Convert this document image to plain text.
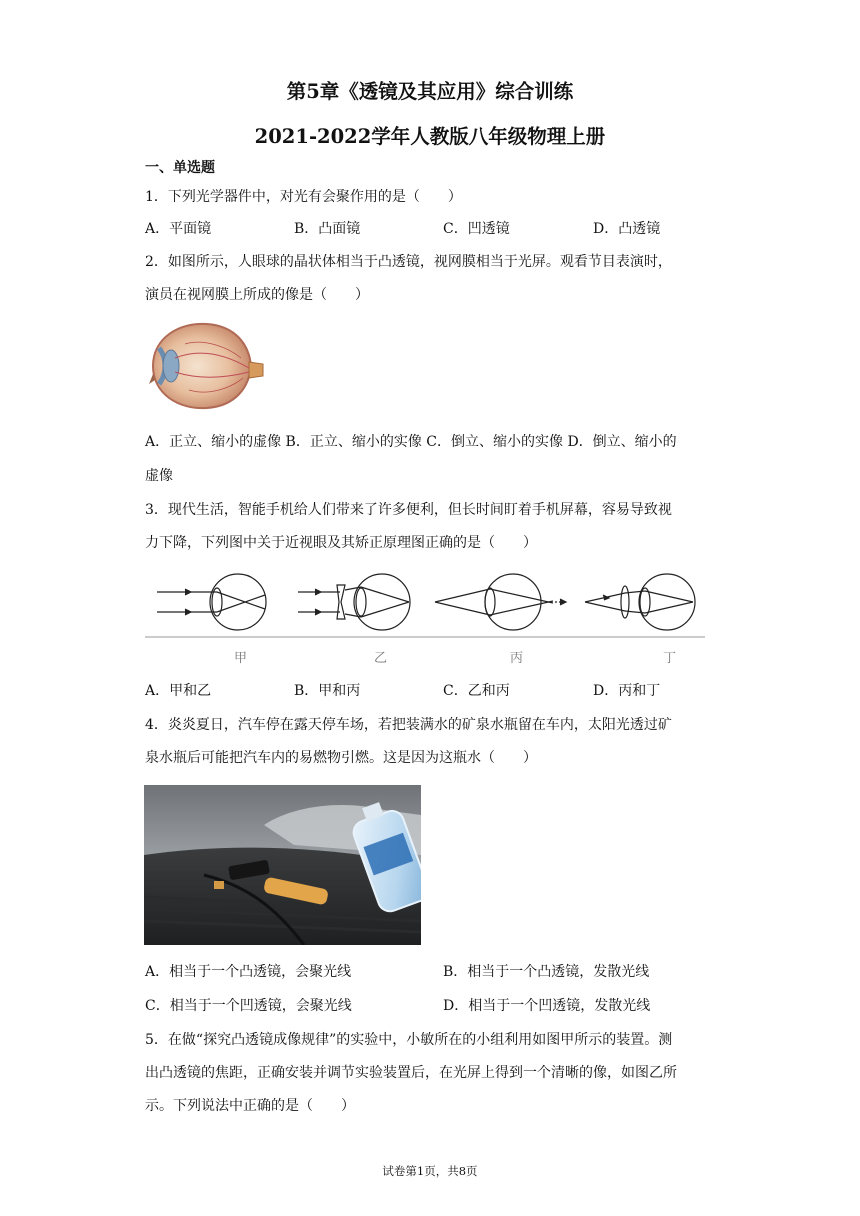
第5章《透镜及其应用》综合训练
2021-2022学年人教版八年级物理上册
一、单选题
1．下列光学器件中，对光有会聚作用的是（　　）
A．平面镜	B．凸面镜	C．凹透镜	D．凸透镜
2．如图所示，人眼球的晶状体相当于凸透镜，视网膜相当于光屏。观看节目表演时，
演员在视网膜上所成的像是（　　）
A．正立、缩小的虚像 B．正立、缩小的实像 C．倒立、缩小的实像 D．倒立、缩小的
虚像
3．现代生活，智能手机给人们带来了许多便利，但长时间盯着手机屏幕，容易导致视
力下降，下列图中关于近视眼及其矫正原理图正确的是（　　）
甲	乙	丙	丁
A．甲和乙	B．甲和丙	C．乙和丙	D．丙和丁
4．炎炎夏日，汽车停在露天停车场，若把装满水的矿泉水瓶留在车内，太阳光透过矿
泉水瓶后可能把汽车内的易燃物引燃。这是因为这瓶水（　　）
A．相当于一个凸透镜，会聚光线	B．相当于一个凸透镜，发散光线
C．相当于一个凹透镜，会聚光线	D．相当于一个凹透镜，发散光线
5．在做“探究凸透镜成像规律”的实验中，小敏所在的小组利用如图甲所示的装置。测
出凸透镜的焦距，正确安装并调节实验装置后，在光屏上得到一个清晰的像，如图乙所
示。下列说法中正确的是（　　）
试卷第1页，共8页
